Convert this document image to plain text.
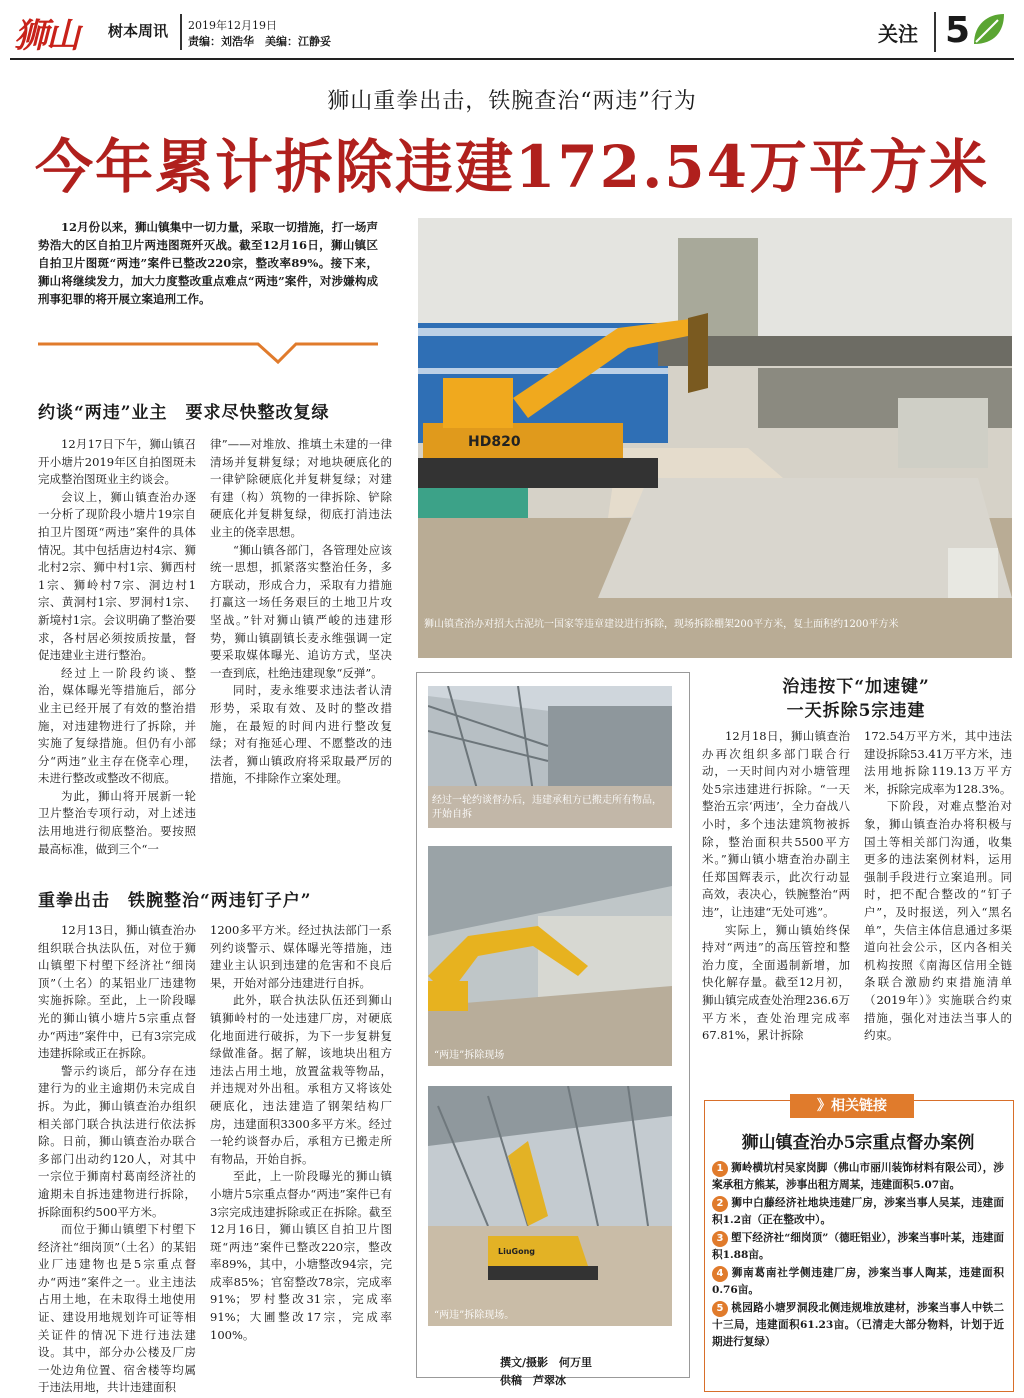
狮山 树本周讯 2019年12月19日
责编：刘浩华　美编：江静妥	关注 5
狮山重拳出击，铁腕查治“两违”行为
今年累计拆除违建172.54万平方米
12月份以来，狮山镇集中一切力量，采取一切措施，打一场声势浩大的区自拍卫片两违图斑歼灭战。截至12月16日，狮山镇区自拍卫片图斑“两违”案件已整改220宗，整改率89%。接下来，狮山将继续发力，加大力度整改重点难点“两违”案件，对涉嫌构成刑事犯罪的将开展立案追刑工作。
HD820
狮山镇查治办对招大古泥坑一国家等违章建设进行拆除，现场拆除棚架200平方米，复土面积约1200平方米
约谈“两违”业主　要求尽快整改复绿

12月17日下午，狮山镇召开小塘片2019年区自拍图斑未完成整治图斑业主约谈会。

会议上，狮山镇查治办逐一分析了现阶段小塘片19宗自拍卫片图斑“两违”案件的具体情况。其中包括唐边村4宗、狮北村2宗、狮中村1宗、狮西村1宗、狮岭村7宗、洞边村1宗、黄洞村1宗、罗洞村1宗、新境村1宗。会议明确了整治要求，各村居必须按质按量，督促违建业主进行整治。

经过上一阶段约谈、整治，媒体曝光等措施后，部分业主已经开展了有效的整治措施，对违建物进行了拆除，并实施了复绿措施。但仍有小部分“两违”业主存在侥幸心理，未进行整改或整改不彻底。

为此，狮山将开展新一轮卫片整治专项行动，对上述违法用地进行彻底整治。要按照最高标准，做到三个“一

律”——对堆放、推填土未建的一律清场并复耕复绿；对地块硬底化的一律铲除硬底化并复耕复绿；对建有建（构）筑物的一律拆除、铲除硬底化并复耕复绿，彻底打消违法业主的侥幸思想。

“狮山镇各部门，各管理处应该统一思想，抓紧落实整治任务，多方联动，形成合力，采取有力措施打赢这一场任务艰巨的土地卫片攻坚战。”针对狮山镇严峻的违建形势，狮山镇副镇长麦永维强调一定要采取媒体曝光、追访方式，坚决一查到底，杜绝违建现象“反弹”。

同时，麦永维要求违法者认清形势，采取有效、及时的整改措施，在最短的时间内进行整改复绿；对有拖延心理、不愿整改的违法者，狮山镇政府将采取最严厉的措施，不排除作立案处理。

重拳出击　铁腕整治“两违钉子户”

12月13日，狮山镇查治办组织联合执法队伍，对位于狮山镇塱下村塱下经济社“细岗顶”（土名）的某铝业厂违建物实施拆除。至此，上一阶段曝光的狮山镇小塘片5宗重点督办“两违”案件中，已有3宗完成违建拆除或正在拆除。

警示约谈后，部分存在违建行为的业主逾期仍未完成自拆。为此，狮山镇查治办组织相关部门联合执法进行依法拆除。日前，狮山镇查治办联合多部门出动约120人，对其中一宗位于狮南村葛南经济社的逾期未自拆违建物进行拆除，拆除面积约500平方米。

而位于狮山镇塱下村塱下经济社“细岗顶”（土名）的某铝业厂违建物也是5宗重点督办“两违”案件之一。业主违法占用土地，在未取得土地使用证、建设用地规划许可证等相关证件的情况下进行违法建设。其中，部分办公楼及厂房一处边角位置、宿舍楼等均属于违法用地，共计违建面积

1200多平方米。经过执法部门一系列约谈警示、媒体曝光等措施，违建业主认识到违建的危害和不良后果，开始对部分违建进行自拆。

此外，联合执法队伍还到狮山镇狮岭村的一处违建厂房，对硬底化地面进行破拆，为下一步复耕复绿做准备。据了解，该地块出租方违法占用土地，放置盆栽等物品，并违规对外出租。承租方又将该处硬底化，违法建造了钢架结构厂房，违建面积3300多平方米。经过一轮约谈督办后，承租方已搬走所有物品，开始自拆。

至此，上一阶段曝光的狮山镇小塘片5宗重点督办“两违”案件已有3宗完成违建拆除或正在拆除。截至12月16日，狮山镇区自拍卫片图斑“两违”案件已整改220宗，整改率89%，其中，小塘整改94宗，完成率85%；官窑整改78宗，完成率91%；罗村整改31宗，完成率91%；大圃整改17宗，完成率100%。

经过一轮约谈督办后，违建承租方已搬走所有物品，开始自拆
“两违”拆除现场
LiuGong
“两违”拆除现场。
撰文/摄影　何万里
供稿　芦翠冰
治违按下“加速键”
一天拆除5宗违建

12月18日，狮山镇查治办再次组织多部门联合行动，一天时间内对小塘管理处5宗违建进行拆除。“一天整治五宗‘两违’，全力奋战八小时，多个违法建筑物被拆除，整治面积共5500平方米。”狮山镇小塘查治办副主任郑国辉表示，此次行动显高效，表决心，铁腕整治“两违”，让违建“无处可逃”。

实际上，狮山镇始终保持对“两违”的高压管控和整治力度，全面遏制新增，加快化解存量。截至12月初，狮山镇完成查处治理236.6万平方米，查处治理完成率67.81%，累计拆除

172.54万平方米，其中违法建设拆除53.41万平方米，违法用地拆除119.13万平方米，拆除完成率为128.3%。

下阶段，对难点整治对象，狮山镇查治办将积极与国土等相关部门沟通，收集更多的违法案例材料，运用强制手段进行立案追刑。同时，把不配合整改的“钉子户”，及时报送，列入“黑名单”，失信主体信息通过多渠道向社会公示，区内各相关机构按照《南海区信用全链条联合激励约束措施清单（2019年）》实施联合约束措施，强化对违法当事人的约束。

》相关链接
狮山镇查治办5宗重点督办案例
1 狮岭横坑村吴家岗脚（佛山市丽川装饰材料有限公司），涉案承租方熊某，涉事出租方周某，违建面积5.07亩。
2 狮中白藤经济社地块违建厂房，涉案当事人吴某，违建面积1.2亩（正在整改中）。
3 塱下经济社“细岗顶”（德旺铝业），涉案当事叶某，违建面积1.88亩。
4 狮南葛南社学侧违建厂房，涉案当事人陶某，违建面积0.76亩。
5 桃园路小塘罗洞段北侧违规堆放建材，涉案当事人中铁二十三局，违建面积61.23亩。（已清走大部分物料，计划于近期进行复绿）
